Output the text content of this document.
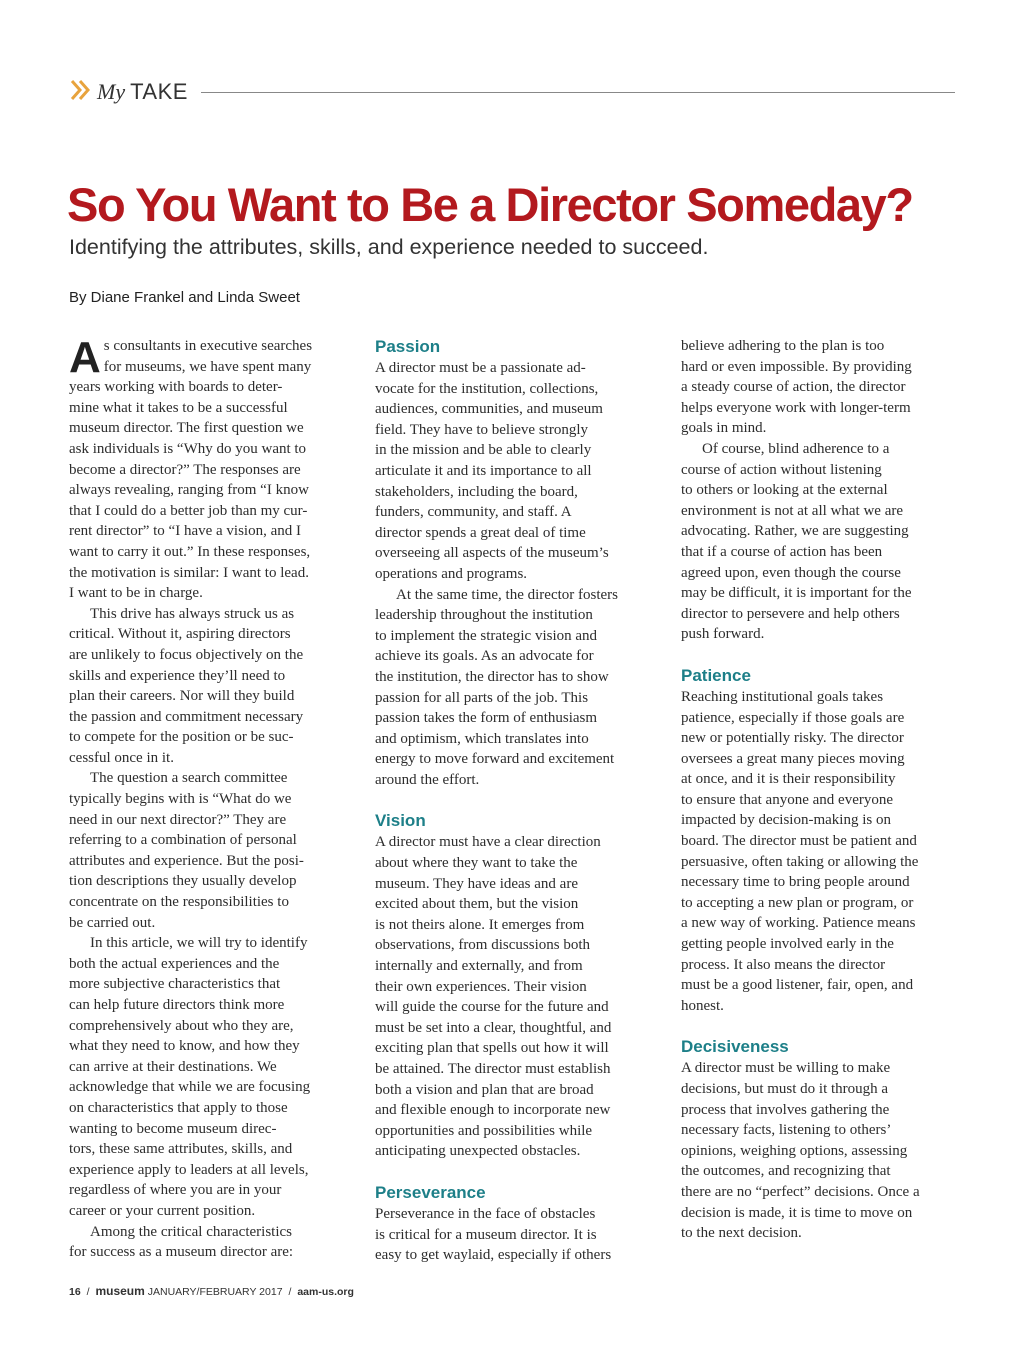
My TAKE
So You Want to Be a Director Someday?

Identifying the attributes, skills, and experience needed to succeed.

By Diane Frankel and Linda Sweet

As consultants in executive searches
for museums, we have spent many
years working with boards to deter-
mine what it takes to be a successful
museum director. The first question we
ask individuals is “Why do you want to
become a director?” The responses are
always revealing, ranging from “I know
that I could do a better job than my cur-
rent director” to “I have a vision, and I
want to carry it out.” In these responses,
the motivation is similar: I want to lead.
I want to be in charge.

This drive has always struck us as
critical. Without it, aspiring directors
are unlikely to focus objectively on the
skills and experience they’ll need to
plan their careers. Nor will they build
the passion and commitment necessary
to compete for the position or be suc-
cessful once in it.

The question a search committee
typically begins with is “What do we
need in our next director?” They are
referring to a combination of personal
attributes and experience. But the posi-
tion descriptions they usually develop
concentrate on the responsibilities to
be carried out.

In this article, we will try to identify
both the actual experiences and the
more subjective characteristics that
can help future directors think more
comprehensively about who they are,
what they need to know, and how they
can arrive at their destinations. We
acknowledge that while we are focusing
on characteristics that apply to those
wanting to become museum direc-
tors, these same attributes, skills, and
experience apply to leaders at all levels,
regardless of where you are in your
career or your current position.

Among the critical characteristics
for success as a museum director are:

Passion

A director must be a passionate ad-
vocate for the institution, collections,
audiences, communities, and museum
field. They have to believe strongly
in the mission and be able to clearly
articulate it and its importance to all
stakeholders, including the board,
funders, community, and staff. A
director spends a great deal of time
overseeing all aspects of the museum’s
operations and programs.

At the same time, the director fosters
leadership throughout the institution
to implement the strategic vision and
achieve its goals. As an advocate for
the institution, the director has to show
passion for all parts of the job. This
passion takes the form of enthusiasm
and optimism, which translates into
energy to move forward and excitement
around the effort.

Vision

A director must have a clear direction
about where they want to take the
museum. They have ideas and are
excited about them, but the vision
is not theirs alone. It emerges from
observations, from discussions both
internally and externally, and from
their own experiences. Their vision
will guide the course for the future and
must be set into a clear, thoughtful, and
exciting plan that spells out how it will
be attained. The director must establish
both a vision and plan that are broad
and flexible enough to incorporate new
opportunities and possibilities while
anticipating unexpected obstacles.

Perseverance

Perseverance in the face of obstacles
is critical for a museum director. It is
easy to get waylaid, especially if others

believe adhering to the plan is too
hard or even impossible. By providing
a steady course of action, the director
helps everyone work with longer-term
goals in mind.

Of course, blind adherence to a
course of action without listening
to others or looking at the external
environment is not at all what we are
advocating. Rather, we are suggesting
that if a course of action has been
agreed upon, even though the course
may be difficult, it is important for the
director to persevere and help others
push forward.

Patience

Reaching institutional goals takes
patience, especially if those goals are
new or potentially risky. The director
oversees a great many pieces moving
at once, and it is their responsibility
to ensure that anyone and everyone
impacted by decision-making is on
board. The director must be patient and
persuasive, often taking or allowing the
necessary time to bring people around
to accepting a new plan or program, or
a new way of working. Patience means
getting people involved early in the
process. It also means the director
must be a good listener, fair, open, and
honest.

Decisiveness

A director must be willing to make
decisions, but must do it through a
process that involves gathering the
necessary facts, listening to others’
opinions, weighing options, assessing
the outcomes, and recognizing that
there are no “perfect” decisions. Once a
decision is made, it is time to move on
to the next decision.

16 / museum JANUARY/FEBRUARY 2017 / aam-us.org
